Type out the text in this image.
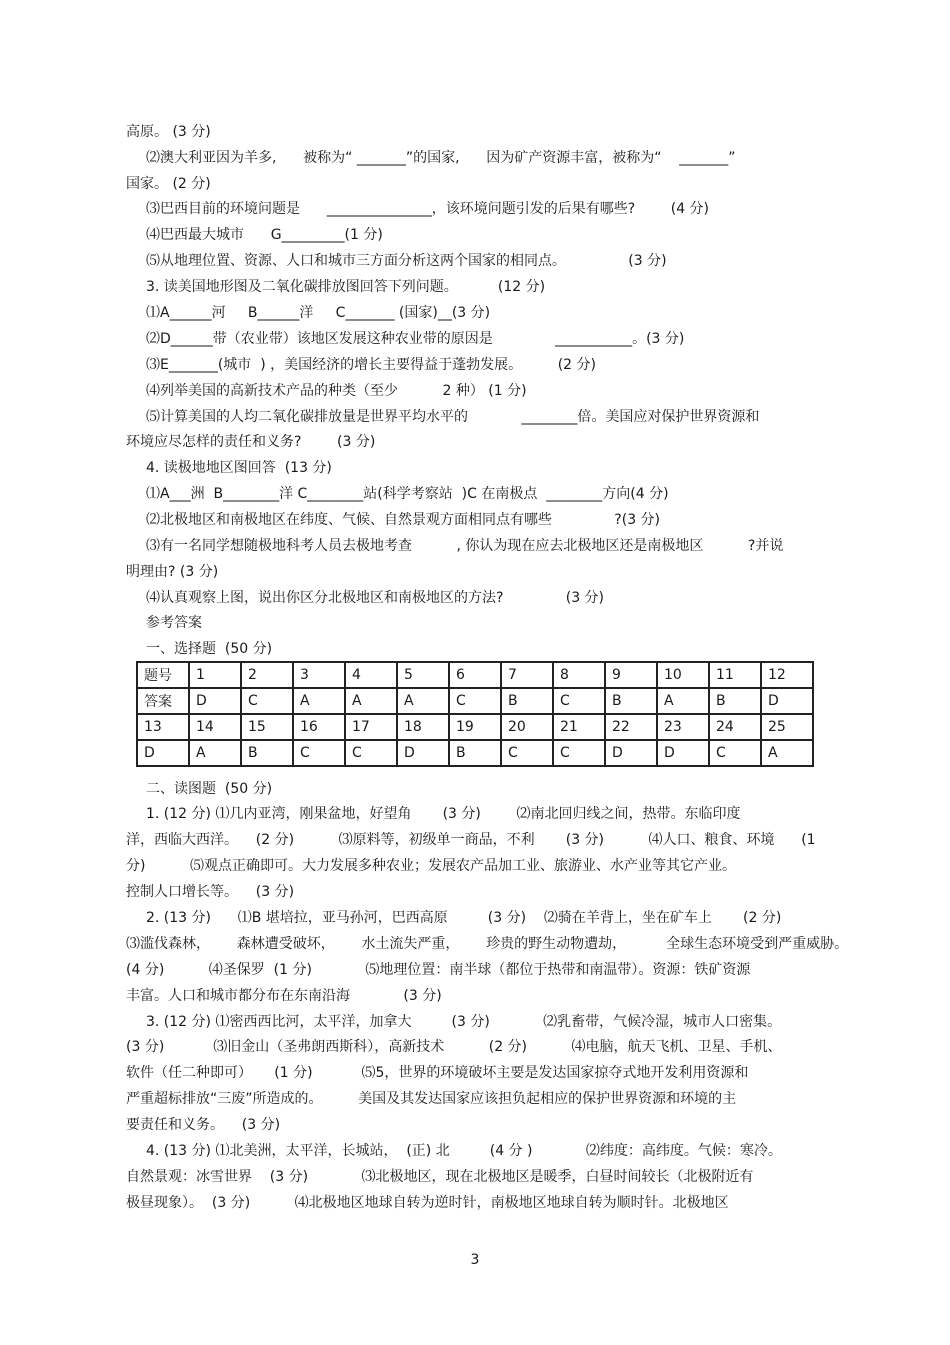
高原。 (3 分)
⑵澳大利亚因为羊多,      被称为“ _______”的国家,      因为矿产资源丰富，被称为“    _______”
国家。 (2 分)
⑶巴西目前的环境问题是      _______________，该环境问题引发的后果有哪些?        (4 分)
⑷巴西最大城市      G_________(1 分)
⑸从地理位置、资源、人口和城市三方面分析这两个国家的相同点。              (3 分)
3. 读美国地形图及二氧化碳排放图回答下列问题。         (12 分)
⑴A______河     B______洋     C_______ (国家)__(3 分)
⑵D______带（农业带）该地区发展这种农业带的原因是              ___________。(3 分)
⑶E_______(城市  ) ，美国经济的增长主要得益于蓬勃发展。        (2 分)
⑷列举美国的高新技术产品的种类（至少          2 种） (1 分)
⑸计算美国的人均二氧化碳排放量是世界平均水平的            ________倍。美国应对保护世界资源和
环境应尽怎样的责任和义务?        (3 分)
4. 读极地地区图回答  (13 分)
⑴A___洲  B________洋 C________站(科学考察站  )C 在南极点  ________方向(4 分)
⑵北极地区和南极地区在纬度、气候、自然景观方面相同点有哪些              ?(3 分)
⑶有一名同学想随极地科考人员去极地考查          , 你认为现在应去北极地区还是南极地区          ?并说
明理由? (3 分)
⑷认真观察上图，说出你区分北极地区和南极地区的方法?              (3 分)
参考答案
一、选择题  (50 分)
题号	1	2	3	4	5	6	7	8	9	10	11	12
答案	D	C	A	A	A	C	B	C	B	A	B	D
13	14	15	16	17	18	19	20	21	22	23	24	25
D	A	B	C	C	D	B	C	C	D	D	C	A
二、读图题  (50 分)
1. (12 分) ⑴几内亚湾，刚果盆地，好望角       (3 分)        ⑵南北回归线之间，热带。东临印度
洋，西临大西洋。    (2 分)          ⑶原料等，初级单一商品，不利       (3 分)          ⑷人口、粮食、环境      (1
分)          ⑸观点正确即可。大力发展多种农业；发展农产品加工业、旅游业、水产业等其它产业。
控制人口增长等。    (3 分)
2. (13 分)      ⑴B 堪培拉，亚马孙河，巴西高原         (3 分)    ⑵骑在羊背上，坐在矿车上       (2 分)
⑶滥伐森林，      森林遭受破坏，      水土流失严重，      珍贵的野生动物遭劫，         全球生态环境受到严重威胁。
(4 分)          ⑷圣保罗  (1 分)            ⑸地理位置：南半球（都位于热带和南温带）。资源：铁矿资源
丰富。人口和城市都分布在东南沿海            (3 分)
3. (12 分) ⑴密西西比河，太平洋，加拿大         (3 分)            ⑵乳畜带，气候冷湿，城市人口密集。
(3 分)           ⑶旧金山（圣弗朗西斯科），高新技术          (2 分)          ⑷电脑，航天飞机、卫星、手机、
软件（任二种即可）     (1 分)           ⑸5，世界的环境破坏主要是发达国家掠夺式地开发利用资源和
严重超标排放“三废”所造成的。        美国及其发达国家应该担负起相应的保护世界资源和环境的主
要责任和义务。    (3 分)
4. (13 分) ⑴北美洲，太平洋，长城站，  (正) 北         (4 分 )            ⑵纬度：高纬度。气候：寒冷。
自然景观：冰雪世界    (3 分)            ⑶北极地区，现在北极地区是暖季，白昼时间较长（北极附近有
极昼现象）。  (3 分)          ⑷北极地区地球自转为逆时针，南极地区地球自转为顺时针。北极地区
3
